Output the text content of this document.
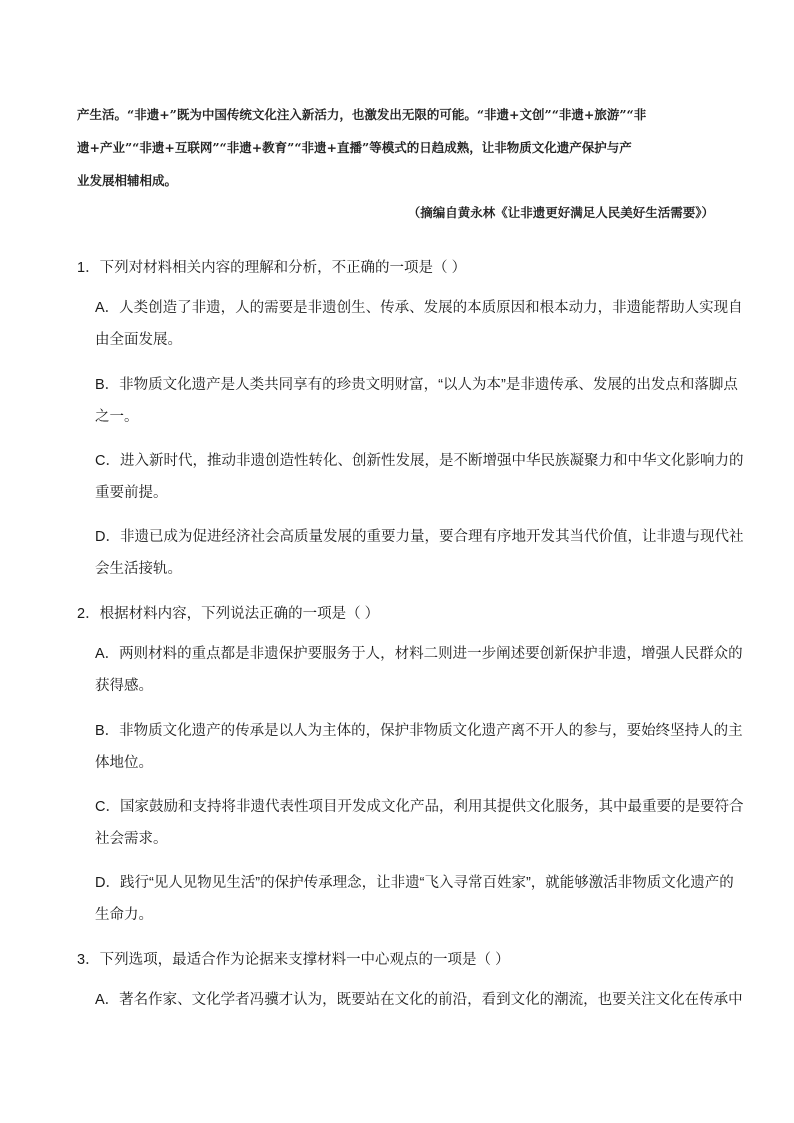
产生活。“非遗+”既为中国传统文化注入新活力，也激发出无限的可能。“非遗+文创”“非遗+旅游”“非

遗+产业”“非遗+互联网”“非遗+教育”“非遗+直播”等模式的日趋成熟，让非物质文化遗产保护与产

业发展相辅相成。

（摘编自黄永林《让非遗更好满足人民美好生活需要》）
1．下列对材料相关内容的理解和分析，不正确的一项是（ ）
A．人类创造了非遗，人的需要是非遗创生、传承、发展的本质原因和根本动力，非遗能帮助人实现自
由全面发展。
B．非物质文化遗产是人类共同享有的珍贵文明财富，“以人为本”是非遗传承、发展的出发点和落脚点
之一。
C．进入新时代，推动非遗创造性转化、创新性发展，是不断增强中华民族凝聚力和中华文化影响力的
重要前提。
D．非遗已成为促进经济社会高质量发展的重要力量，要合理有序地开发其当代价值，让非遗与现代社
会生活接轨。
2．根据材料内容，下列说法正确的一项是（ ）
A．两则材料的重点都是非遗保护要服务于人，材料二则进一步阐述要创新保护非遗，增强人民群众的
获得感。
B．非物质文化遗产的传承是以人为主体的，保护非物质文化遗产离不开人的参与，要始终坚持人的主
体地位。
C．国家鼓励和支持将非遗代表性项目开发成文化产品，利用其提供文化服务，其中最重要的是要符合
社会需求。
D．践行“见人见物见生活”的保护传承理念，让非遗“飞入寻常百姓家”，就能够激活非物质文化遗产的
生命力。
3．下列选项，最适合作为论据来支撑材料一中心观点的一项是（ ）
A．著名作家、文化学者冯骥才认为，既要站在文化的前沿，看到文化的潮流，也要关注文化在传承中
